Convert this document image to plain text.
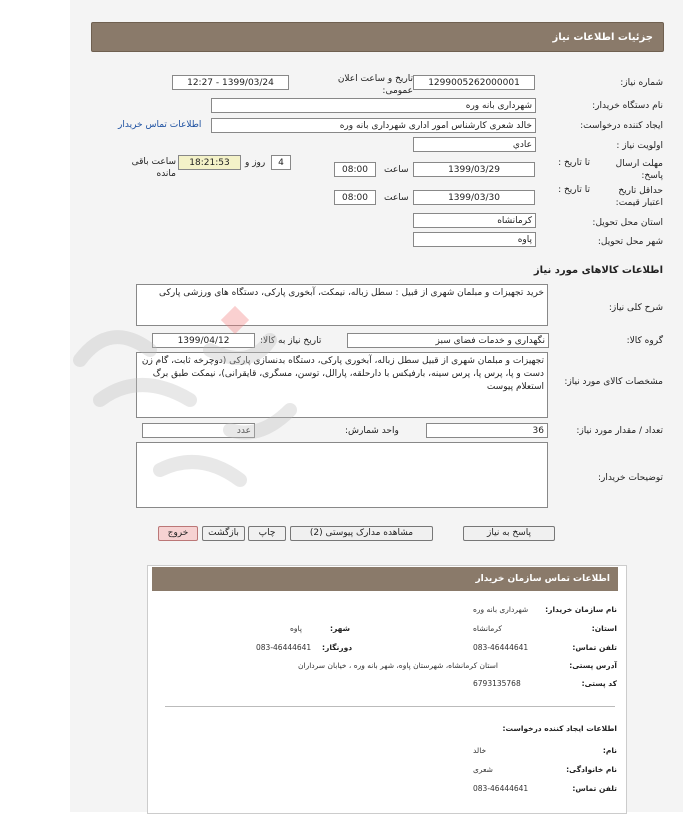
جزئیات اطلاعات نیاز
شماره نیاز:
1299005262000001
تاریخ و ساعت اعلان عمومی:
1399/03/24 - 12:27
نام دستگاه خریدار:
شهرداری بانه وره
ایجاد کننده درخواست:
خالد شعری کارشناس امور اداری شهرداری بانه وره
اطلاعات تماس خریدار
اولویت نیاز :
عادي
مهلت ارسال پاسخ:
تا تاریخ :
1399/03/29
ساعت
08:00
4
روز و
18:21:53
ساعت باقی مانده
حداقل تاریخ اعتبار قیمت:
تا تاریخ :
1399/03/30
ساعت
08:00
استان محل تحویل:
کرمانشاه
شهر محل تحویل:
پاوه
اطلاعات کالاهای مورد نیاز
شرح کلی نیاز:
خرید تجهیزات و مبلمان شهری از قبیل : سطل زباله، نیمکت، آبخوری پارکی، دستگاه های ورزشی پارکی
گروه کالا:
نگهداری و خدمات فضای سبز
تاریخ نیاز به کالا:
1399/04/12
مشخصات کالای مورد نیاز:
تجهیزات و مبلمان شهری از قبیل سطل زباله، آبخوری پارکی، دستگاه بدنسازی پارکی (دوچرخه ثابت، گام زن دست و پا، پرس پا، پرس سینه، بارفیکس با دارحلقه، پارالل، توسن، مسگری، قایقرانی)، نیمکت طبق برگ استعلام پیوست
تعداد / مقدار مورد نیاز:
36
واحد شمارش:
عدد
توضیحات خریدار:
پاسخ به نیاز
مشاهده مدارک پیوستی (2)
چاپ
بازگشت
خروج
اطلاعات تماس سازمان خریدار
نام سازمان خریدار:
شهرداری بانه وره
استان:
کرمانشاه
شهر:
پاوه
تلفن تماس:
083-46444641
دورنگار:
083-46444641
آدرس پستی:
استان کرمانشاه، شهرستان پاوه، شهر بانه وره ، خیابان سرداران
کد پستی:
6793135768
اطلاعات ایجاد کننده درخواست:
نام:
خالد
نام خانوادگی:
شعری
تلفن تماس:
083-46444641
